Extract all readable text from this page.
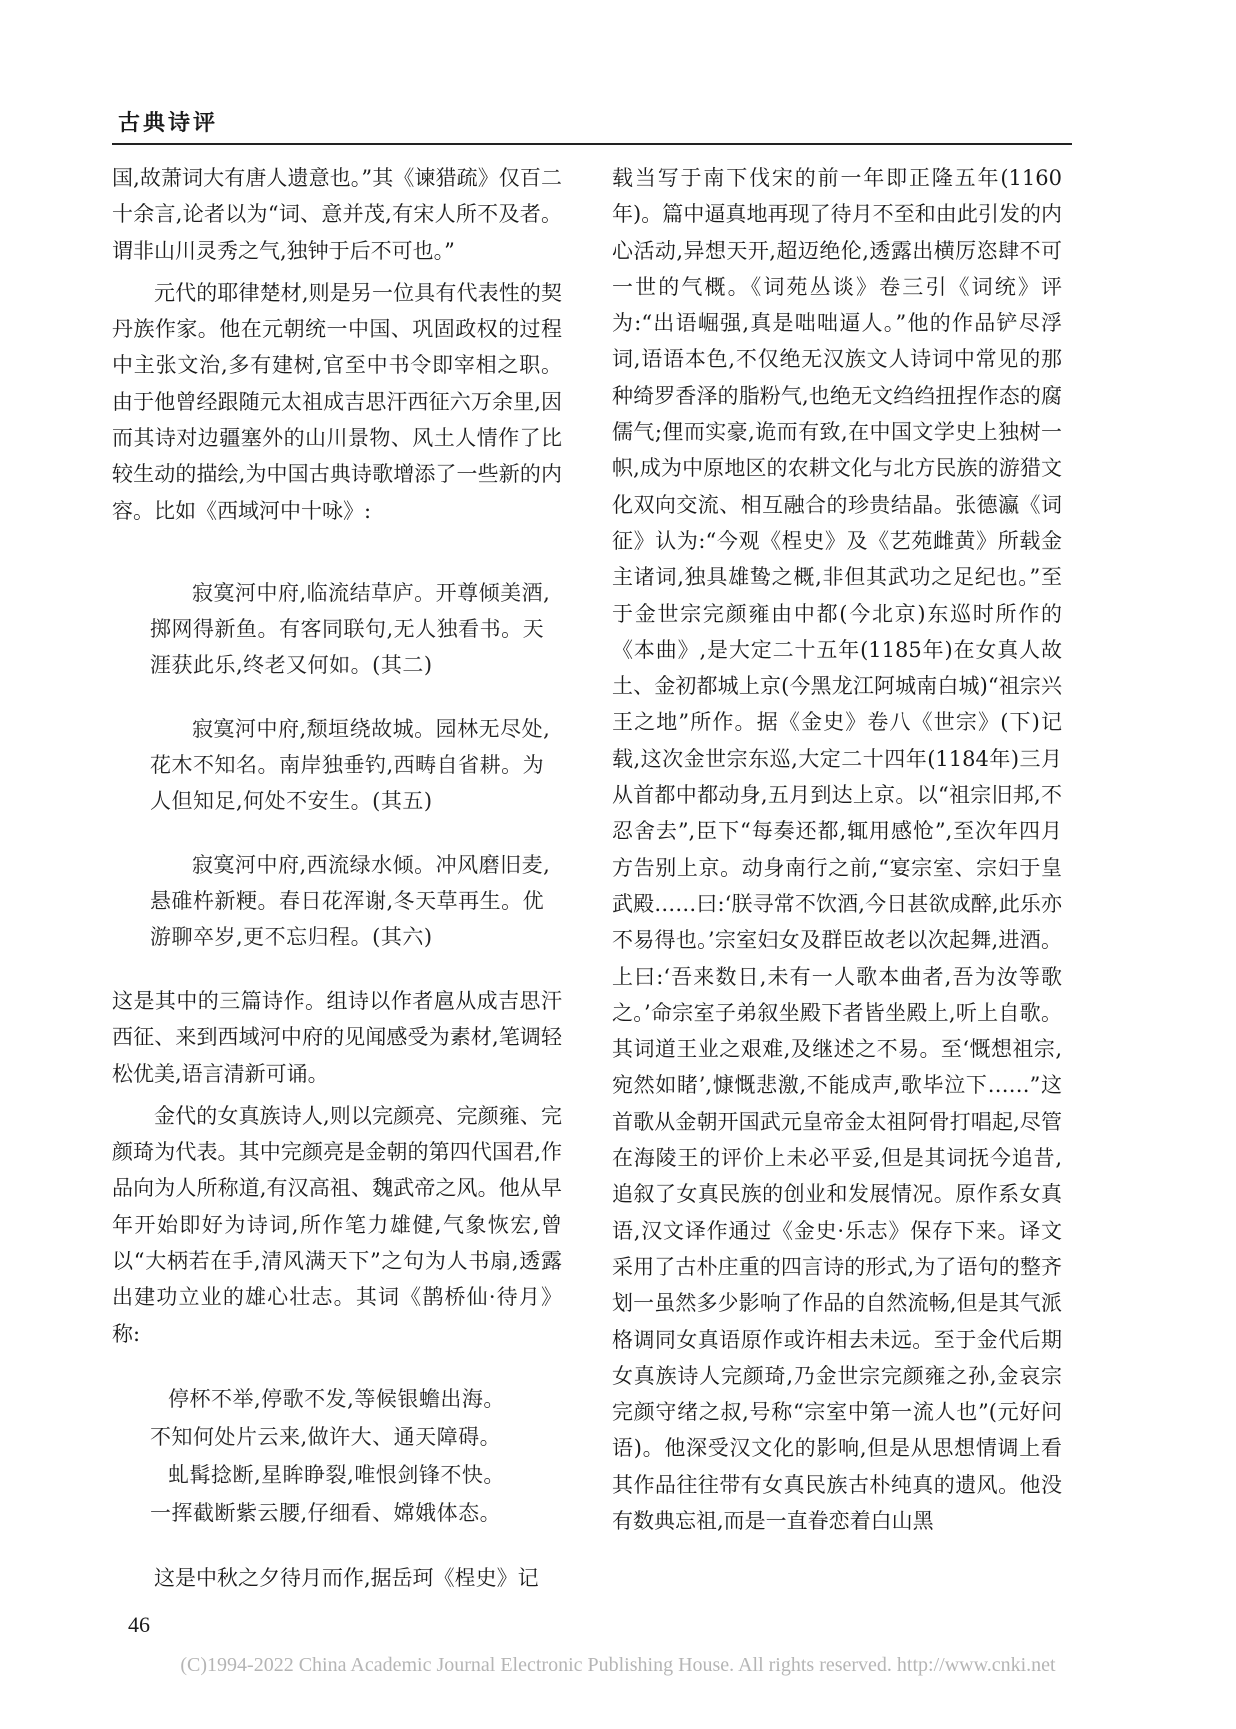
古典诗评

国,故萧词大有唐人遗意也。”其《谏猎疏》仅百二十余言,论者以为“词、意并茂,有宋人所不及者。谓非山川灵秀之气,独钟于后不可也。”

元代的耶律楚材,则是另一位具有代表性的契丹族作家。他在元朝统一中国、巩固政权的过程中主张文治,多有建树,官至中书令即宰相之职。由于他曾经跟随元太祖成吉思汗西征六万余里,因而其诗对边疆塞外的山川景物、风土人情作了比较生动的描绘,为中国古典诗歌增添了一些新的内容。比如《西域河中十咏》:

寂寞河中府,临流结草庐。开尊倾美酒,掷网得新鱼。有客同联句,无人独看书。天涯获此乐,终老又何如。(其二)

寂寞河中府,颓垣绕故城。园林无尽处,花木不知名。南岸独垂钓,西畴自省耕。为人但知足,何处不安生。(其五)

寂寞河中府,西流绿水倾。冲风磨旧麦,悬碓杵新粳。春日花浑谢,冬天草再生。优游聊卒岁,更不忘归程。(其六)

这是其中的三篇诗作。组诗以作者扈从成吉思汗西征、来到西域河中府的见闻感受为素材,笔调轻松优美,语言清新可诵。

金代的女真族诗人,则以完颜亮、完颜雍、完颜琦为代表。其中完颜亮是金朝的第四代国君,作品向为人所称道,有汉高祖、魏武帝之风。他从早年开始即好为诗词,所作笔力雄健,气象恢宏,曾以“大柄若在手,清风满天下”之句为人书扇,透露出建功立业的雄心壮志。其词《鹊桥仙·待月》称:

停杯不举,停歌不发,等候银蟾出海。

不知何处片云来,做许大、通天障碍。

虬髯捻断,星眸睁裂,唯恨剑锋不快。

一挥截断紫云腰,仔细看、嫦娥体态。

这是中秋之夕待月而作,据岳珂《桯史》记

载当写于南下伐宋的前一年即正隆五年(1160年)。篇中逼真地再现了待月不至和由此引发的内心活动,异想天开,超迈绝伦,透露出横厉恣肆不可一世的气概。《词苑丛谈》卷三引《词统》评为:“出语崛强,真是咄咄逼人。”他的作品铲尽浮词,语语本色,不仅绝无汉族文人诗词中常见的那种绮罗香泽的脂粉气,也绝无文绉绉扭捏作态的腐儒气;俚而实豪,诡而有致,在中国文学史上独树一帜,成为中原地区的农耕文化与北方民族的游猎文化双向交流、相互融合的珍贵结晶。张德瀛《词征》认为:“今观《桯史》及《艺苑雌黄》所载金主诸词,独具雄鸷之概,非但其武功之足纪也。”至于金世宗完颜雍由中都(今北京)东巡时所作的《本曲》,是大定二十五年(1185年)在女真人故土、金初都城上京(今黑龙江阿城南白城)“祖宗兴王之地”所作。据《金史》卷八《世宗》(下)记载,这次金世宗东巡,大定二十四年(1184年)三月从首都中都动身,五月到达上京。以“祖宗旧邦,不忍舍去”,臣下“每奏还都,辄用感怆”,至次年四月方告别上京。动身南行之前,“宴宗室、宗妇于皇武殿……曰:‘朕寻常不饮酒,今日甚欲成醉,此乐亦不易得也。’宗室妇女及群臣故老以次起舞,进酒。上曰:‘吾来数日,未有一人歌本曲者,吾为汝等歌之。’命宗室子弟叙坐殿下者皆坐殿上,听上自歌。其词道王业之艰难,及继述之不易。至‘慨想祖宗,宛然如睹’,慷慨悲激,不能成声,歌毕泣下……”这首歌从金朝开国武元皇帝金太祖阿骨打唱起,尽管在海陵王的评价上未必平妥,但是其词抚今追昔,追叙了女真民族的创业和发展情况。原作系女真语,汉文译作通过《金史·乐志》保存下来。译文采用了古朴庄重的四言诗的形式,为了语句的整齐划一虽然多少影响了作品的自然流畅,但是其气派格调同女真语原作或许相去未远。至于金代后期女真族诗人完颜琦,乃金世宗完颜雍之孙,金哀宗完颜守绪之叔,号称“宗室中第一流人也”(元好问语)。他深受汉文化的影响,但是从思想情调上看其作品往往带有女真民族古朴纯真的遗风。他没有数典忘祖,而是一直眷恋着白山黑

46
(C)1994-2022 China Academic Journal Electronic Publishing House. All rights reserved. http://www.cnki.net
